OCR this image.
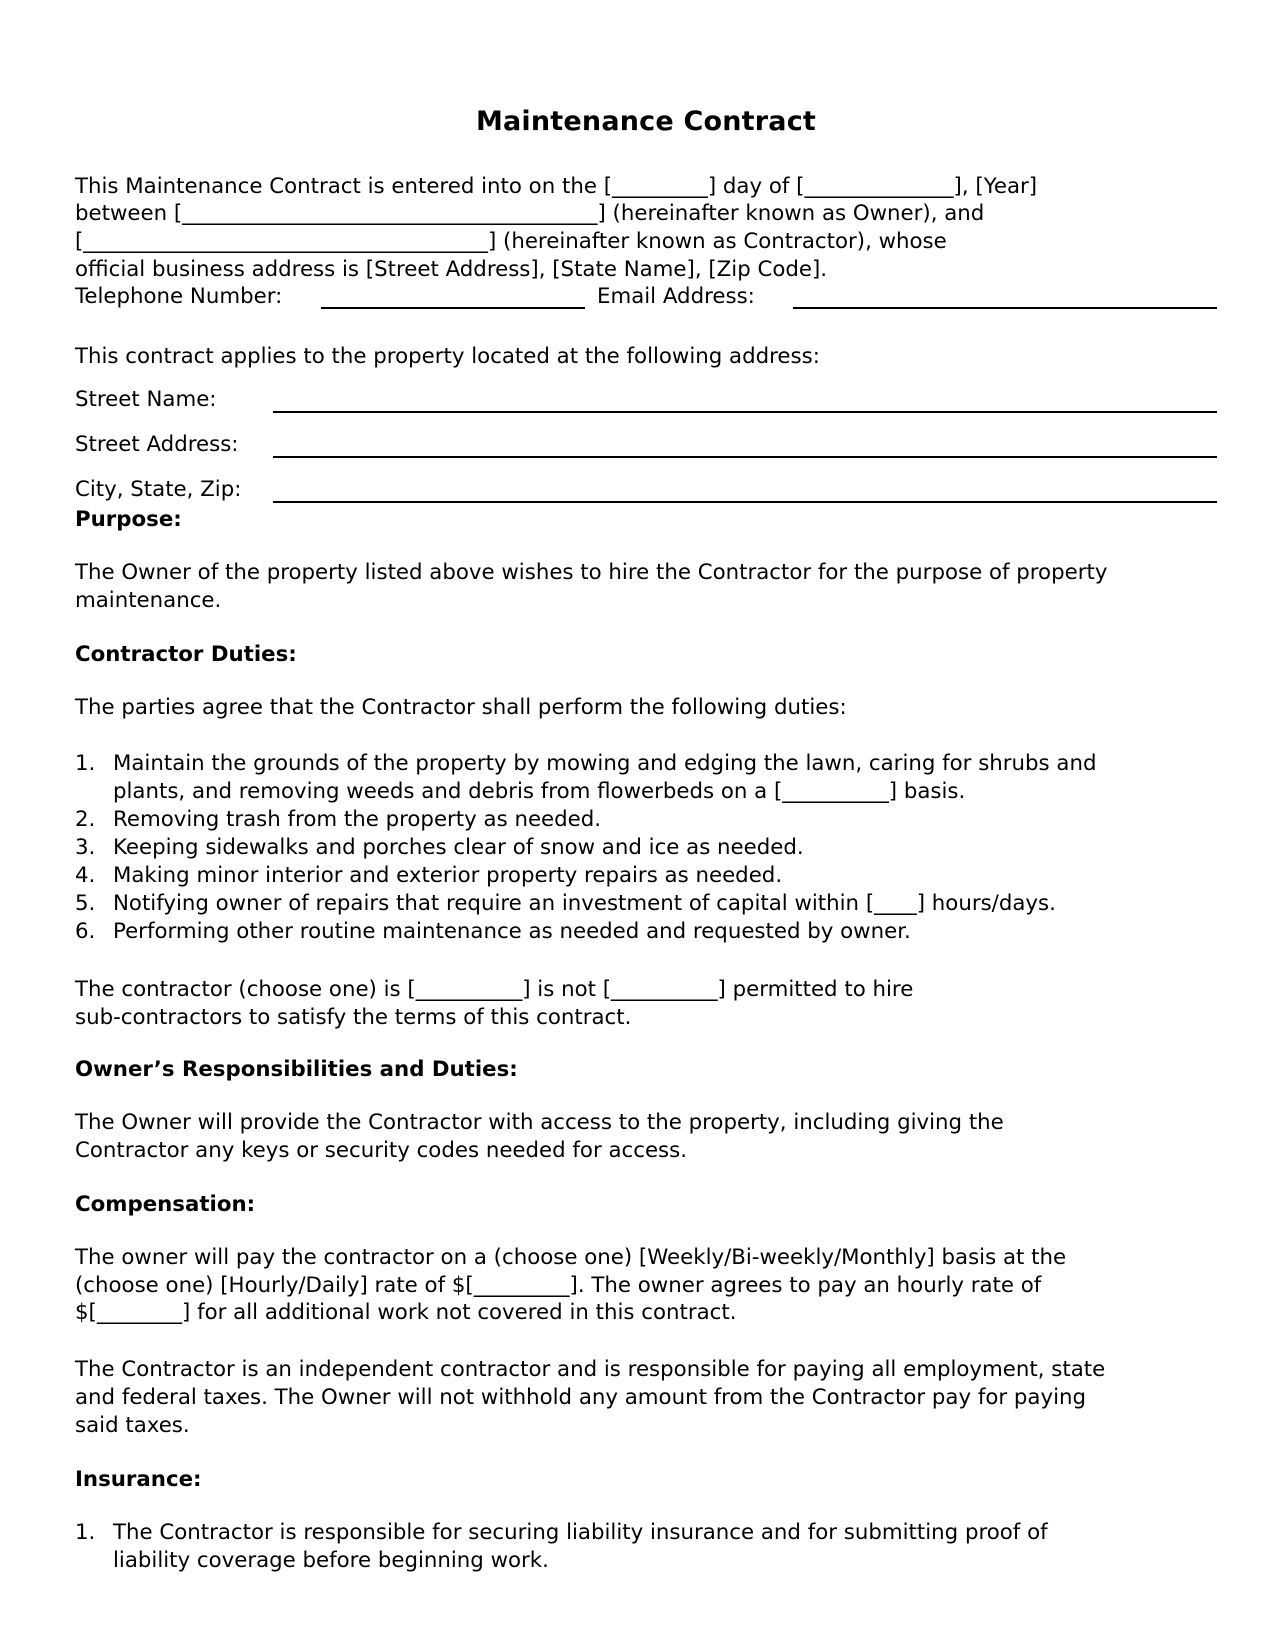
Maintenance Contract
This Maintenance Contract is entered into on the [_________] day of [______________], [Year]
between [_______________________________________] (hereinafter known as Owner), and
[______________________________________] (hereinafter known as Contractor), whose
official business address is [Street Address], [State Name], [Zip Code].
Telephone Number:	Email Address:
This contract applies to the property located at the following address:
Street Name:
Street Address:
City, State, Zip:
Purpose:
The Owner of the property listed above wishes to hire the Contractor for the purpose of property
maintenance.
Contractor Duties:
The parties agree that the Contractor shall perform the following duties:
1. Maintain the grounds of the property by mowing and edging the lawn, caring for shrubs and
plants, and removing weeds and debris from flowerbeds on a [__________] basis.
2. Removing trash from the property as needed.
3. Keeping sidewalks and porches clear of snow and ice as needed.
4. Making minor interior and exterior property repairs as needed.
5. Notifying owner of repairs that require an investment of capital within [____] hours/days.
6. Performing other routine maintenance as needed and requested by owner.
The contractor (choose one) is [__________] is not [__________] permitted to hire
sub-contractors to satisfy the terms of this contract.
Owner’s Responsibilities and Duties:
The Owner will provide the Contractor with access to the property, including giving the
Contractor any keys or security codes needed for access.
Compensation:
The owner will pay the contractor on a (choose one) [Weekly/Bi-weekly/Monthly] basis at the
(choose one) [Hourly/Daily] rate of $[_________]. The owner agrees to pay an hourly rate of
$[________] for all additional work not covered in this contract.
The Contractor is an independent contractor and is responsible for paying all employment, state
and federal taxes. The Owner will not withhold any amount from the Contractor pay for paying
said taxes.
Insurance:
1. The Contractor is responsible for securing liability insurance and for submitting proof of
liability coverage before beginning work.
